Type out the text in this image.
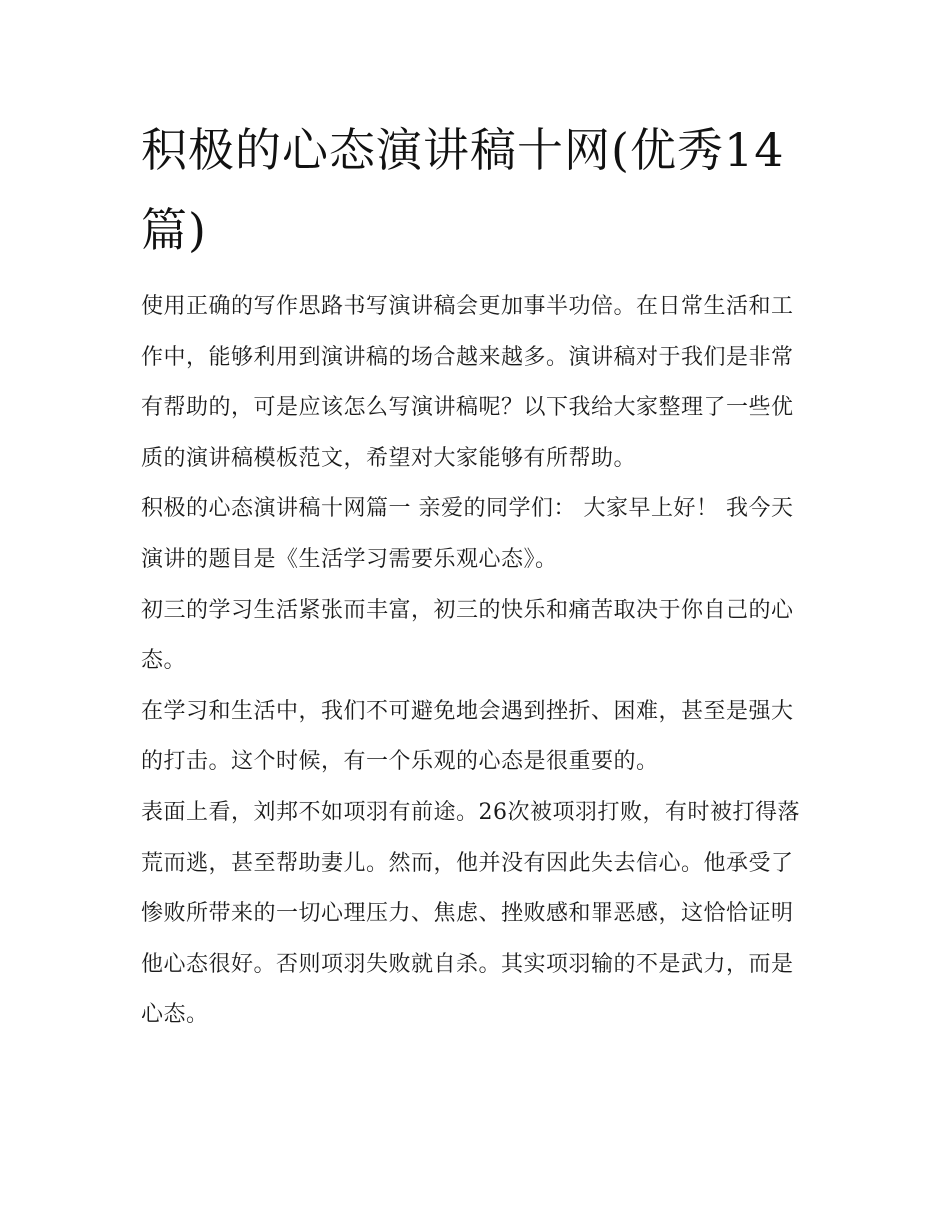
积极的心态演讲稿十网(优秀14篇)

使用正确的写作思路书写演讲稿会更加事半功倍。在日常生活和工作中，能够利用到演讲稿的场合越来越多。演讲稿对于我们是非常有帮助的，可是应该怎么写演讲稿呢？以下我给大家整理了一些优质的演讲稿模板范文，希望对大家能够有所帮助。

积极的心态演讲稿十网篇一 亲爱的同学们： 大家早上好！ 我今天演讲的题目是《生活学习需要乐观心态》。

初三的学习生活紧张而丰富，初三的快乐和痛苦取决于你自己的心态。

在学习和生活中，我们不可避免地会遇到挫折、困难，甚至是强大的打击。这个时候，有一个乐观的心态是很重要的。

表面上看，刘邦不如项羽有前途。26次被项羽打败，有时被打得落荒而逃，甚至帮助妻儿。然而，他并没有因此失去信心。他承受了惨败所带来的一切心理压力、焦虑、挫败感和罪恶感，这恰恰证明他心态很好。否则项羽失败就自杀。其实项羽输的不是武力，而是心态。
